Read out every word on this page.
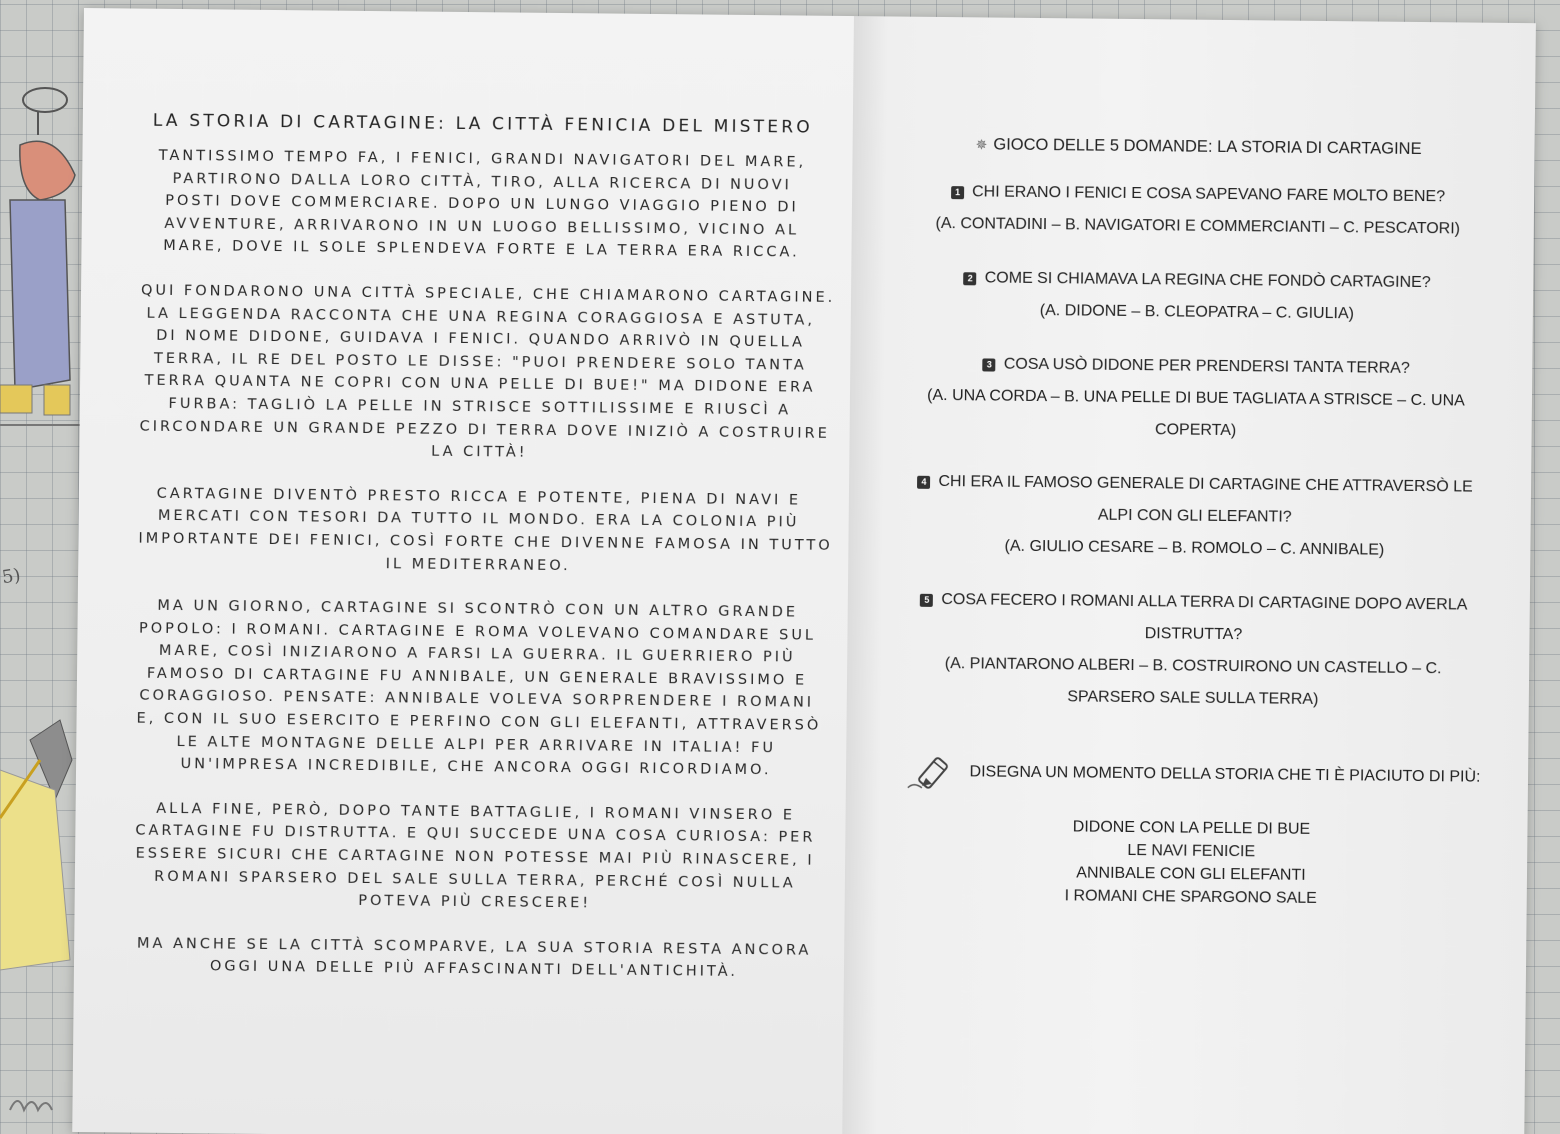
5)
LA STORIA DI CARTAGINE: LA CITTÀ FENICIA DEL MISTERO
TANTISSIMO TEMPO FA, I FENICI, GRANDI NAVIGATORI DEL MARE,
PARTIRONO DALLA LORO CITTÀ, TIRO, ALLA RICERCA DI NUOVI
POSTI DOVE COMMERCIARE. DOPO UN LUNGO VIAGGIO PIENO DI
AVVENTURE, ARRIVARONO IN UN LUOGO BELLISSIMO, VICINO AL
MARE, DOVE IL SOLE SPLENDEVA FORTE E LA TERRA ERA RICCA.
QUI FONDARONO UNA CITTÀ SPECIALE, CHE CHIAMARONO CARTAGINE.
LA LEGGENDA RACCONTA CHE UNA REGINA CORAGGIOSA E ASTUTA,
DI NOME DIDONE, GUIDAVA I FENICI. QUANDO ARRIVÒ IN QUELLA
TERRA, IL RE DEL POSTO LE DISSE: "PUOI PRENDERE SOLO TANTA
TERRA QUANTA NE COPRI CON UNA PELLE DI BUE!" MA DIDONE ERA
FURBA: TAGLIÒ LA PELLE IN STRISCE SOTTILISSIME E RIUSCÌ A
CIRCONDARE UN GRANDE PEZZO DI TERRA DOVE INIZIÒ A COSTRUIRE
LA CITTÀ!
CARTAGINE DIVENTÒ PRESTO RICCA E POTENTE, PIENA DI NAVI E
MERCATI CON TESORI DA TUTTO IL MONDO. ERA LA COLONIA PIÙ
IMPORTANTE DEI FENICI, COSÌ FORTE CHE DIVENNE FAMOSA IN TUTTO
IL MEDITERRANEO.
MA UN GIORNO, CARTAGINE SI SCONTRÒ CON UN ALTRO GRANDE
POPOLO: I ROMANI. CARTAGINE E ROMA VOLEVANO COMANDARE SUL
MARE, COSÌ INIZIARONO A FARSI LA GUERRA. IL GUERRIERO PIÙ
FAMOSO DI CARTAGINE FU ANNIBALE, UN GENERALE BRAVISSIMO E
CORAGGIOSO. PENSATE: ANNIBALE VOLEVA SORPRENDERE I ROMANI
E, CON IL SUO ESERCITO E PERFINO CON GLI ELEFANTI, ATTRAVERSÒ
LE ALTE MONTAGNE DELLE ALPI PER ARRIVARE IN ITALIA! FU
UN'IMPRESA INCREDIBILE, CHE ANCORA OGGI RICORDIAMO.
ALLA FINE, PERÒ, DOPO TANTE BATTAGLIE, I ROMANI VINSERO E
CARTAGINE FU DISTRUTTA. E QUI SUCCEDE UNA COSA CURIOSA: PER
ESSERE SICURI CHE CARTAGINE NON POTESSE MAI PIÙ RINASCERE, I
ROMANI SPARSERO DEL SALE SULLA TERRA, PERCHÉ COSÌ NULLA
POTEVA PIÙ CRESCERE!
MA ANCHE SE LA CITTÀ SCOMPARVE, LA SUA STORIA RESTA ANCORA
OGGI UNA DELLE PIÙ AFFASCINANTI DELL'ANTICHITÀ.
✵ GIOCO DELLE 5 DOMANDE: LA STORIA DI CARTAGINE
1 CHI ERANO I FENICI E COSA SAPEVANO FARE MOLTO BENE?
(A. CONTADINI – B. NAVIGATORI E COMMERCIANTI – C. PESCATORI)
2 COME SI CHIAMAVA LA REGINA CHE FONDÒ CARTAGINE?
(A. DIDONE – B. CLEOPATRA – C. GIULIA)
3 COSA USÒ DIDONE PER PRENDERSI TANTA TERRA?
(A. UNA CORDA – B. UNA PELLE DI BUE TAGLIATA A STRISCE – C. UNA
COPERTA)
4 CHI ERA IL FAMOSO GENERALE DI CARTAGINE CHE ATTRAVERSÒ LE
ALPI CON GLI ELEFANTI?
(A. GIULIO CESARE – B. ROMOLO – C. ANNIBALE)
5 COSA FECERO I ROMANI ALLA TERRA DI CARTAGINE DOPO AVERLA
DISTRUTTA?
(A. PIANTARONO ALBERI – B. COSTRUIRONO UN CASTELLO – C.
SPARSERO SALE SULLA TERRA)
DISEGNA UN MOMENTO DELLA STORIA CHE TI È PIACIUTO DI PIÙ:
DIDONE CON LA PELLE DI BUE
LE NAVI FENICIE
ANNIBALE CON GLI ELEFANTI
I ROMANI CHE SPARGONO SALE
